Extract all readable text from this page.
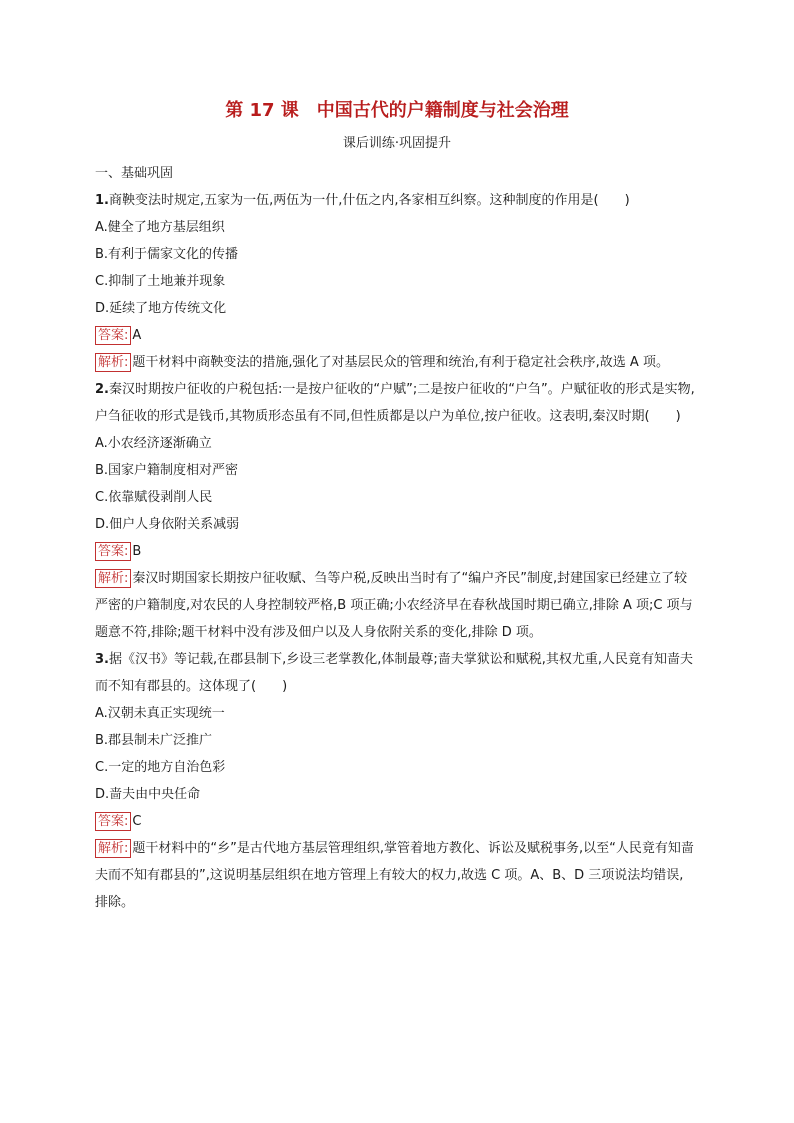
第 17 课　中国古代的户籍制度与社会治理
课后训练·巩固提升

一、基础巩固

1.商鞅变法时规定,五家为一伍,两伍为一什,什伍之内,各家相互纠察。这种制度的作用是(　　)

A.健全了地方基层组织

B.有利于儒家文化的传播

C.抑制了土地兼并现象

D.延续了地方传统文化

答案: A

解析: 题干材料中商鞅变法的措施,强化了对基层民众的管理和统治,有利于稳定社会秩序,故选 A 项。

2.秦汉时期按户征收的户税包括:一是按户征收的“户赋”;二是按户征收的“户刍”。户赋征收的形式是实物,户刍征收的形式是钱币,其物质形态虽有不同,但性质都是以户为单位,按户征收。这表明,秦汉时期(　　)

A.小农经济逐渐确立

B.国家户籍制度相对严密

C.依靠赋役剥削人民

D.佃户人身依附关系减弱

答案: B

解析: 秦汉时期国家长期按户征收赋、刍等户税,反映出当时有了“编户齐民”制度,封建国家已经建立了较严密的户籍制度,对农民的人身控制较严格,B 项正确;小农经济早在春秋战国时期已确立,排除 A 项;C 项与题意不符,排除;题干材料中没有涉及佃户以及人身依附关系的变化,排除 D 项。

3.据《汉书》等记载,在郡县制下,乡设三老掌教化,体制最尊;啬夫掌狱讼和赋税,其权尤重,人民竟有知啬夫而不知有郡县的。这体现了(　　)

A.汉朝未真正实现统一

B.郡县制未广泛推广

C.一定的地方自治色彩

D.啬夫由中央任命

答案: C

解析: 题干材料中的“乡”是古代地方基层管理组织,掌管着地方教化、诉讼及赋税事务,以至“人民竟有知啬夫而不知有郡县的”,这说明基层组织在地方管理上有较大的权力,故选 C 项。A、B、D 三项说法均错误,排除。
